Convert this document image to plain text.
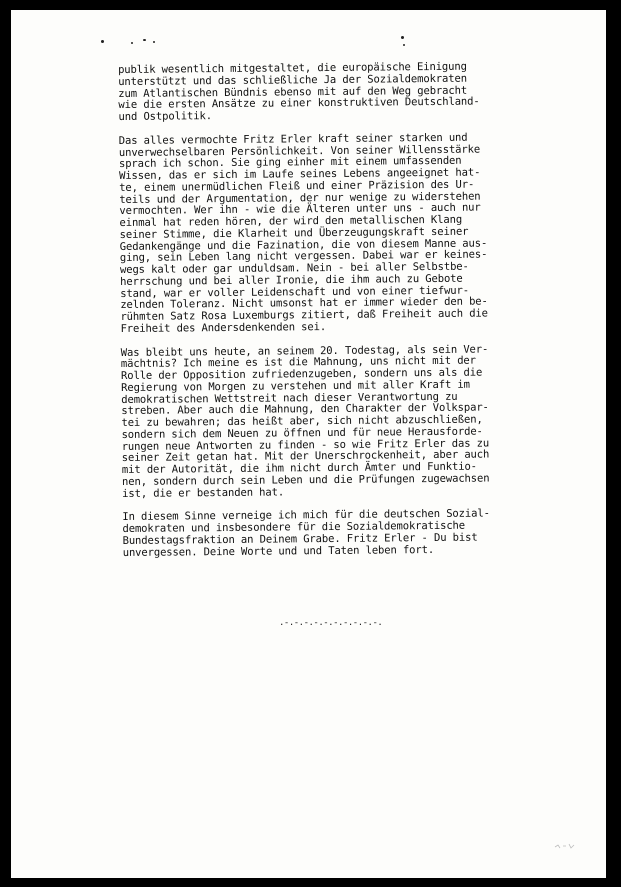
publik wesentlich mitgestaltet, die europäische Einigung
unterstützt und das schließliche Ja der Sozialdemokraten
zum Atlantischen Bündnis ebenso mit auf den Weg gebracht
wie die ersten Ansätze zu einer konstruktiven Deutschland-
und Ostpolitik.
Das alles vermochte Fritz Erler kraft seiner starken und
unverwechselbaren Persönlichkeit. Von seiner Willensstärke
sprach ich schon. Sie ging einher mit einem umfassenden
Wissen, das er sich im Laufe seines Lebens angeeignet hat-
te, einem unermüdlichen Fleiß und einer Präzision des Ur-
teils und der Argumentation, der nur wenige zu widerstehen
vermochten. Wer ihn - wie die Älteren unter uns - auch nur
einmal hat reden hören, der wird den metallischen Klang
seiner Stimme, die Klarheit und Überzeugungskraft seiner
Gedankengänge und die Fazination, die von diesem Manne aus-
ging, sein Leben lang nicht vergessen. Dabei war er keines-
wegs kalt oder gar unduldsam. Nein - bei aller Selbstbe-
herrschung und bei aller Ironie, die ihm auch zu Gebote
stand, war er voller Leidenschaft und von einer tiefwur-
zelnden Toleranz. Nicht umsonst hat er immer wieder den be-
rühmten Satz Rosa Luxemburgs zitiert, daß Freiheit auch die
Freiheit des Andersdenkenden sei.
Was bleibt uns heute, an seinem 20. Todestag, als sein Ver-
mächtnis? Ich meine es ist die Mahnung, uns nicht mit der
Rolle der Opposition zufriedenzugeben, sondern uns als die
Regierung von Morgen zu verstehen und mit aller Kraft im
demokratischen Wettstreit nach dieser Verantwortung zu
streben. Aber auch die Mahnung, den Charakter der Volkspar-
tei zu bewahren; das heißt aber, sich nicht abzuschließen,
sondern sich dem Neuen zu öffnen und für neue Herausforde-
rungen neue Antworten zu finden - so wie Fritz Erler das zu
seiner Zeit getan hat. Mit der Unerschrockenheit, aber auch
mit der Autorität, die ihm nicht durch Ämter und Funktio-
nen, sondern durch sein Leben und die Prüfungen zugewachsen
ist, die er bestanden hat.
In diesem Sinne verneige ich mich für die deutschen Sozial-
demokraten und insbesondere für die Sozialdemokratische
Bundestagsfraktion an Deinem Grabe. Fritz Erler - Du bist
unvergessen. Deine Worte und und Taten leben fort.
.-.-.-.-.-.-.-.-.-.-.
